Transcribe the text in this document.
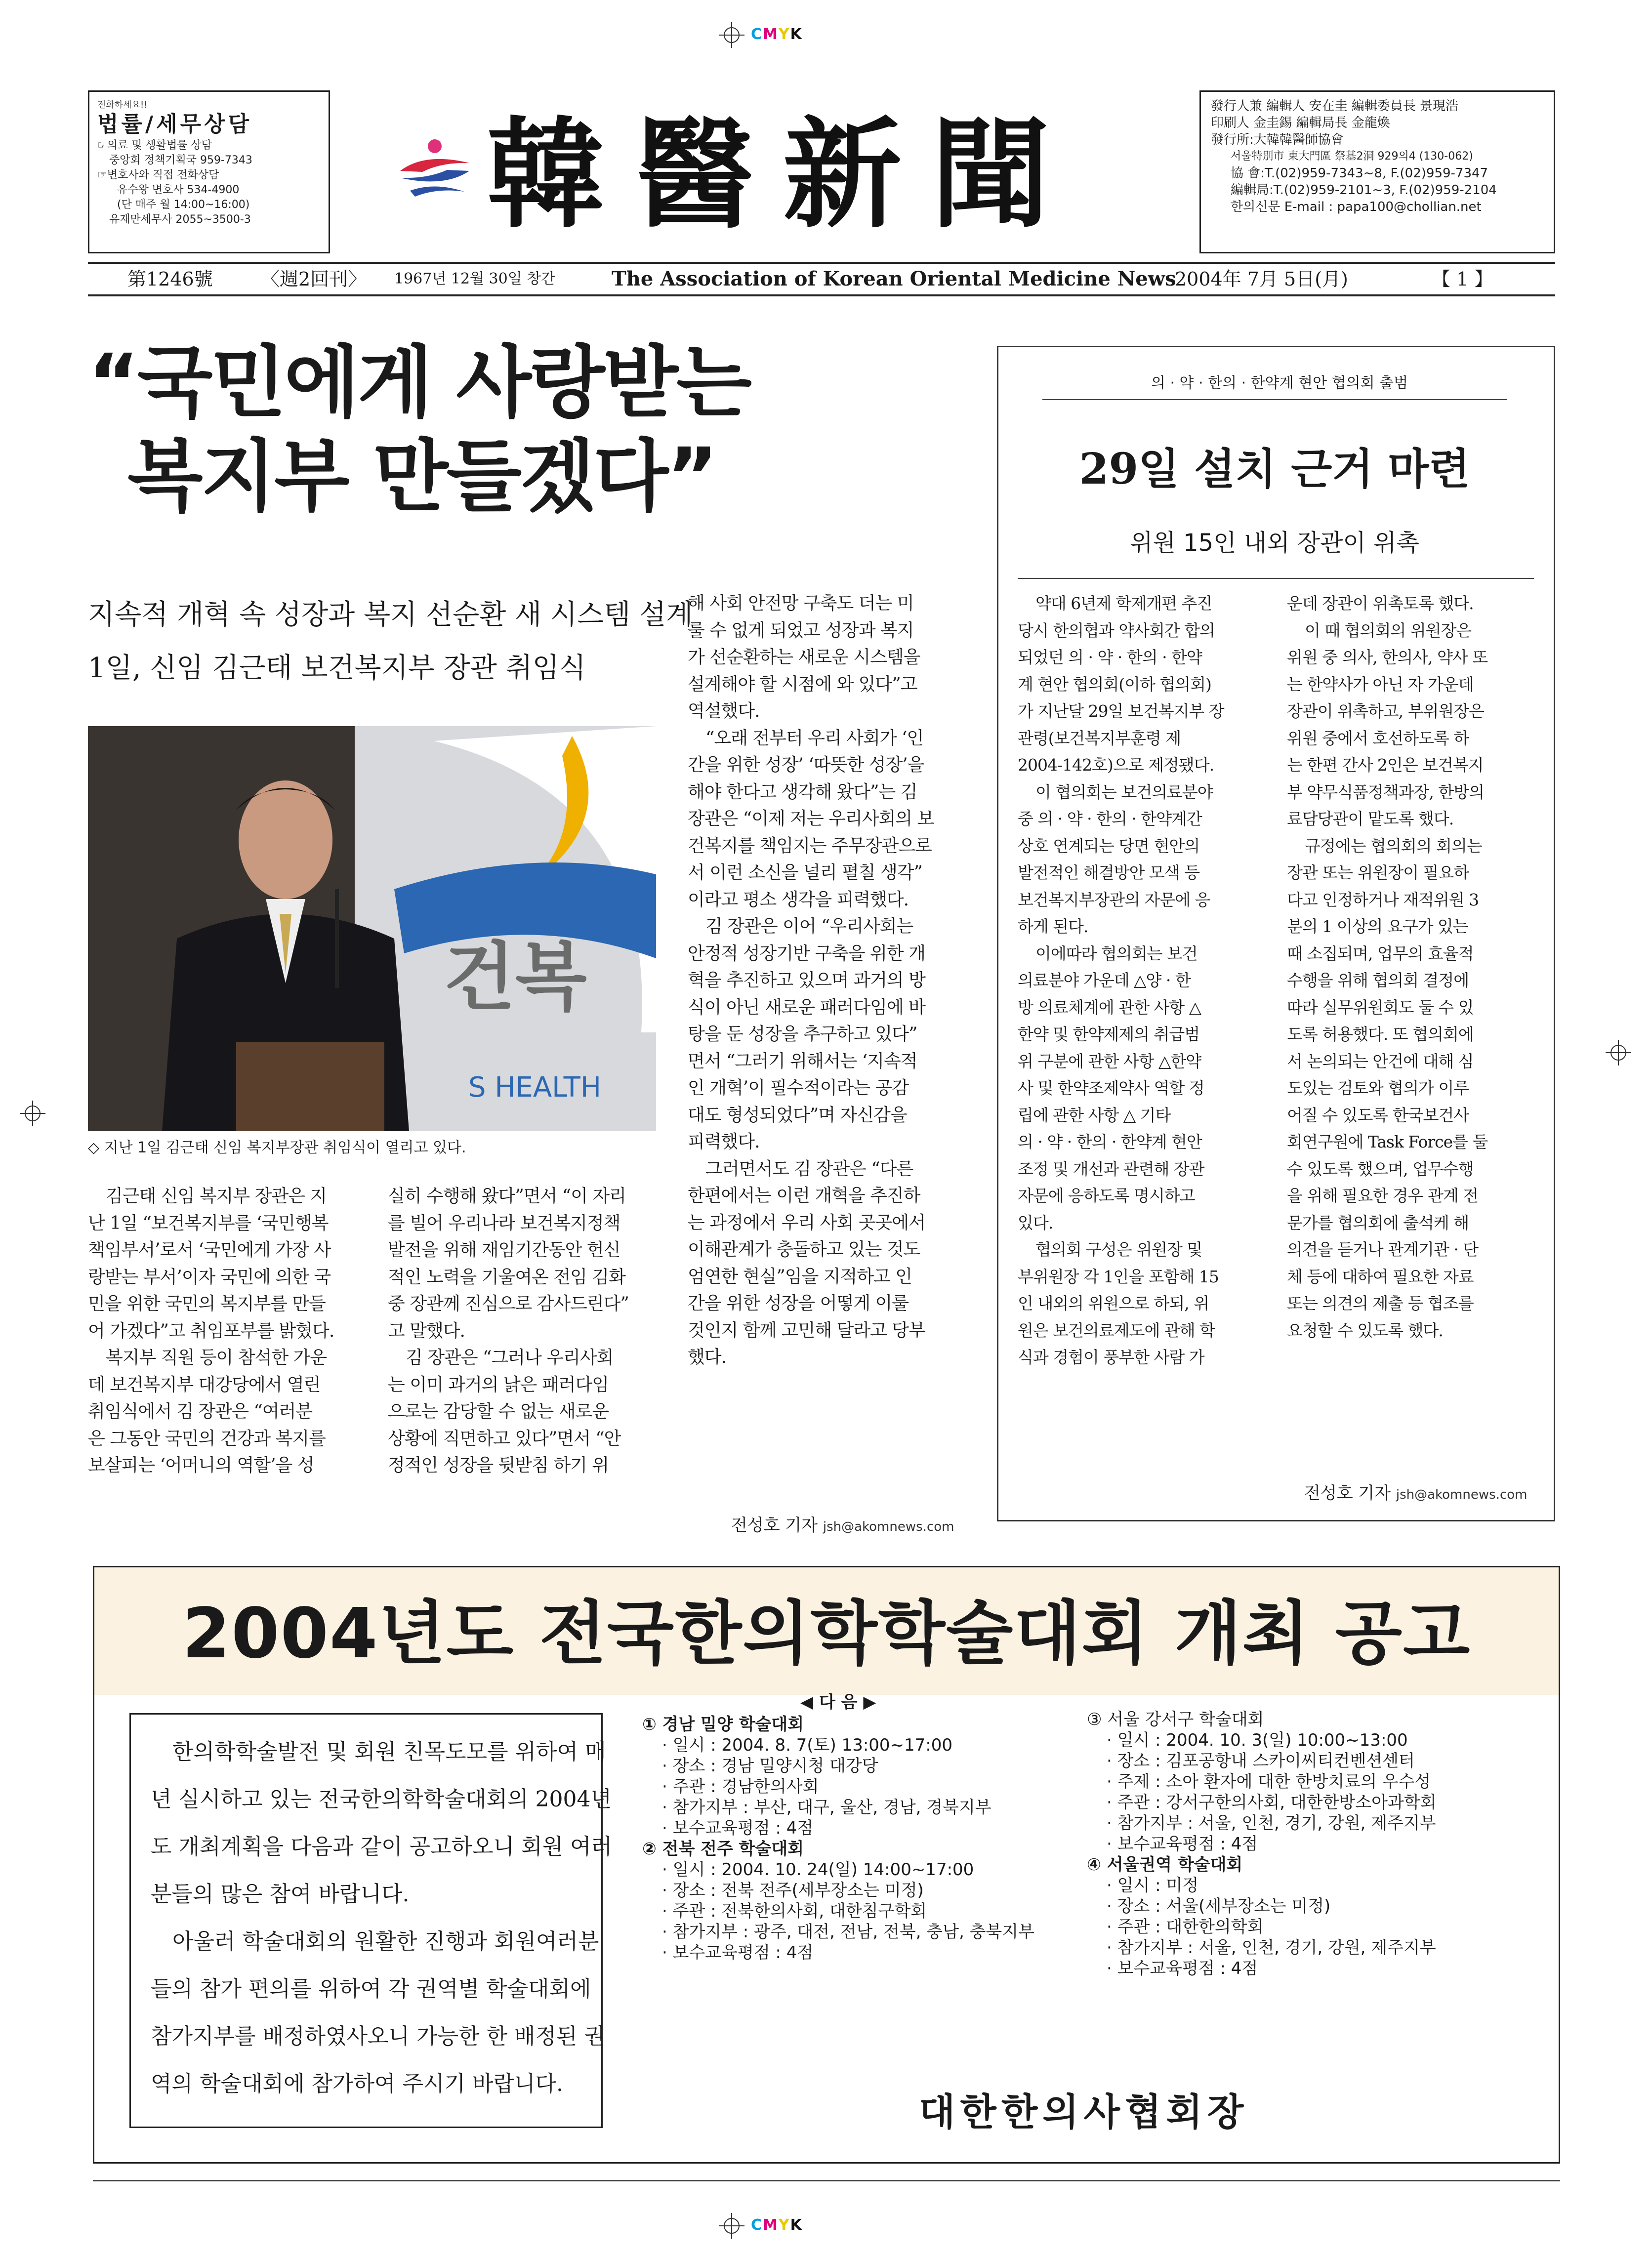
CMYK
CMYK
전화하세요!!
법률/세무상담
☞의료 및 생활법률 상담
중앙회 정책기획국 959-7343
☞변호사와 직접 전화상담
유수왕 변호사 534-4900
(단 매주 월 14:00~16:00)
유재만세무사 2055~3500-3	韓醫新聞	發行人兼 編輯人 安在圭 編輯委員長 景現浩
印刷人 金圭錫 編輯局長 金龍煥
發行所:大韓韓醫師協會
서울特別市 東大門區 祭基2洞 929의4 (130-062)
協 會:T.(02)959-7343~8, F.(02)959-7347
編輯局:T.(02)959-2101~3, F.(02)959-2104
한의신문 E-mail : papa100@chollian.net
第1246號	〈週2回刊〉 1967년 12월 30일 창간	The Association of Korean Oriental Medicine News
2004年 7月 5日(月)	【 1 】
“국민에게 사랑받는
복지부 만들겠다”
지속적 개혁 속 성장과 복지 선순환 새 시스템 설계
1일, 신임 김근태 보건복지부 장관 취임식
건복
S HEALTH
◇ 지난 1일 김근태 신임 복지부장관 취임식이 열리고 있다.

김근태 신임 복지부 장관은 지

난 1일 “보건복지부를 ‘국민행복

책임부서’로서 ‘국민에게 가장 사

랑받는 부서’이자 국민에 의한 국

민을 위한 국민의 복지부를 만들

어 가겠다”고 취임포부를 밝혔다.

복지부 직원 등이 참석한 가운

데 보건복지부 대강당에서 열린

취임식에서 김 장관은 “여러분

은 그동안 국민의 건강과 복지를

보살피는 ‘어머니의 역할’을 성

실히 수행해 왔다”면서 “이 자리

를 빌어 우리나라 보건복지정책

발전을 위해 재임기간동안 헌신

적인 노력을 기울여온 전임 김화

중 장관께 진심으로 감사드린다”

고 말했다.

김 장관은 “그러나 우리사회

는 이미 과거의 낡은 패러다임

으로는 감당할 수 없는 새로운

상황에 직면하고 있다”면서 “안

정적인 성장을 뒷받침 하기 위

해 사회 안전망 구축도 더는 미

룰 수 없게 되었고 성장과 복지

가 선순환하는 새로운 시스템을

설계해야 할 시점에 와 있다”고

역설했다.

“오래 전부터 우리 사회가 ‘인

간을 위한 성장’ ‘따뜻한 성장’을

해야 한다고 생각해 왔다”는 김

장관은 “이제 저는 우리사회의 보

건복지를 책임지는 주무장관으로

서 이런 소신을 널리 펼칠 생각”

이라고 평소 생각을 피력했다.

김 장관은 이어 “우리사회는

안정적 성장기반 구축을 위한 개

혁을 추진하고 있으며 과거의 방

식이 아닌 새로운 패러다임에 바

탕을 둔 성장을 추구하고 있다”

면서 “그러기 위해서는 ‘지속적

인 개혁’이 필수적이라는 공감

대도 형성되었다”며 자신감을

피력했다.

그러면서도 김 장관은 “다른

한편에서는 이런 개혁을 추진하

는 과정에서 우리 사회 곳곳에서

이해관계가 충돌하고 있는 것도

엄연한 현실”임을 지적하고 인

간을 위한 성장을 어떻게 이룰

것인지 함께 고민해 달라고 당부

했다.

전성호 기자 jsh@akomnews.com
의 · 약 · 한의 · 한약계 현안 협의회 출범
29일 설치 근거 마련
위원 15인 내외 장관이 위촉

약대 6년제 학제개편 추진

당시 한의협과 약사회간 합의

되었던 의 · 약 · 한의 · 한약

계 현안 협의회(이하 협의회)

가 지난달 29일 보건복지부 장

관령(보건복지부훈령 제

2004-142호)으로 제정됐다.

이 협의회는 보건의료분야

중 의 · 약 · 한의 · 한약계간

상호 연계되는 당면 현안의

발전적인 해결방안 모색 등

보건복지부장관의 자문에 응

하게 된다.

이에따라 협의회는 보건

의료분야 가운데 △양 · 한

방 의료체계에 관한 사항 △

한약 및 한약제제의 취급범

위 구분에 관한 사항 △한약

사 및 한약조제약사 역할 정

립에 관한 사항 △ 기타

의 · 약 · 한의 · 한약계 현안

조정 및 개선과 관련해 장관

자문에 응하도록 명시하고

있다.

협의회 구성은 위원장 및

부위원장 각 1인을 포함해 15

인 내외의 위원으로 하되, 위

원은 보건의료제도에 관해 학

식과 경험이 풍부한 사람 가

운데 장관이 위촉토록 했다.

이 때 협의회의 위원장은

위원 중 의사, 한의사, 약사 또

는 한약사가 아닌 자 가운데

장관이 위촉하고, 부위원장은

위원 중에서 호선하도록 하

는 한편 간사 2인은 보건복지

부 약무식품정책과장, 한방의

료담당관이 맡도록 했다.

규정에는 협의회의 회의는

장관 또는 위원장이 필요하

다고 인정하거나 재적위원 3

분의 1 이상의 요구가 있는

때 소집되며, 업무의 효율적

수행을 위해 협의회 결정에

따라 실무위원회도 둘 수 있

도록 허용했다. 또 협의회에

서 논의되는 안건에 대해 심

도있는 검토와 협의가 이루

어질 수 있도록 한국보건사

회연구원에 Task Force를 둘

수 있도록 했으며, 업무수행

을 위해 필요한 경우 관계 전

문가를 협의회에 출석케 해

의견을 듣거나 관계기관 · 단

체 등에 대하여 필요한 자료

또는 의견의 제출 등 협조를

요청할 수 있도록 했다.

전성호 기자 jsh@akomnews.com
2004년도 전국한의학학술대회 개최 공고

한의학학술발전 및 회원 친목도모를 위하여 매

년 실시하고 있는 전국한의학학술대회의 2004년

도 개최계획을 다음과 같이 공고하오니 회원 여러

분들의 많은 참여 바랍니다.

아울러 학술대회의 원활한 진행과 회원여러분

들의 참가 편의를 위하여 각 권역별 학술대회에

참가지부를 배정하였사오니 가능한 한 배정된 권

역의 학술대회에 참가하여 주시기 바랍니다.

◀ 다 음 ▶

① 경남 밀양 학술대회

· 일시 : 2004. 8. 7(토) 13:00~17:00

· 장소 : 경남 밀양시청 대강당

· 주관 : 경남한의사회

· 참가지부 : 부산, 대구, 울산, 경남, 경북지부

· 보수교육평점 : 4점

② 전북 전주 학술대회

· 일시 : 2004. 10. 24(일) 14:00~17:00

· 장소 : 전북 전주(세부장소는 미정)

· 주관 : 전북한의사회, 대한침구학회

· 참가지부 : 광주, 대전, 전남, 전북, 충남, 충북지부

· 보수교육평점 : 4점

③ 서울 강서구 학술대회

· 일시 : 2004. 10. 3(일) 10:00~13:00

· 장소 : 김포공항내 스카이씨티컨벤션센터

· 주제 : 소아 환자에 대한 한방치료의 우수성

· 주관 : 강서구한의사회, 대한한방소아과학회

· 참가지부 : 서울, 인천, 경기, 강원, 제주지부

· 보수교육평점 : 4점

④ 서울권역 학술대회

· 일시 : 미정

· 장소 : 서울(세부장소는 미정)

· 주관 : 대한한의학회

· 참가지부 : 서울, 인천, 경기, 강원, 제주지부

· 보수교육평점 : 4점

대한한의사협회장
